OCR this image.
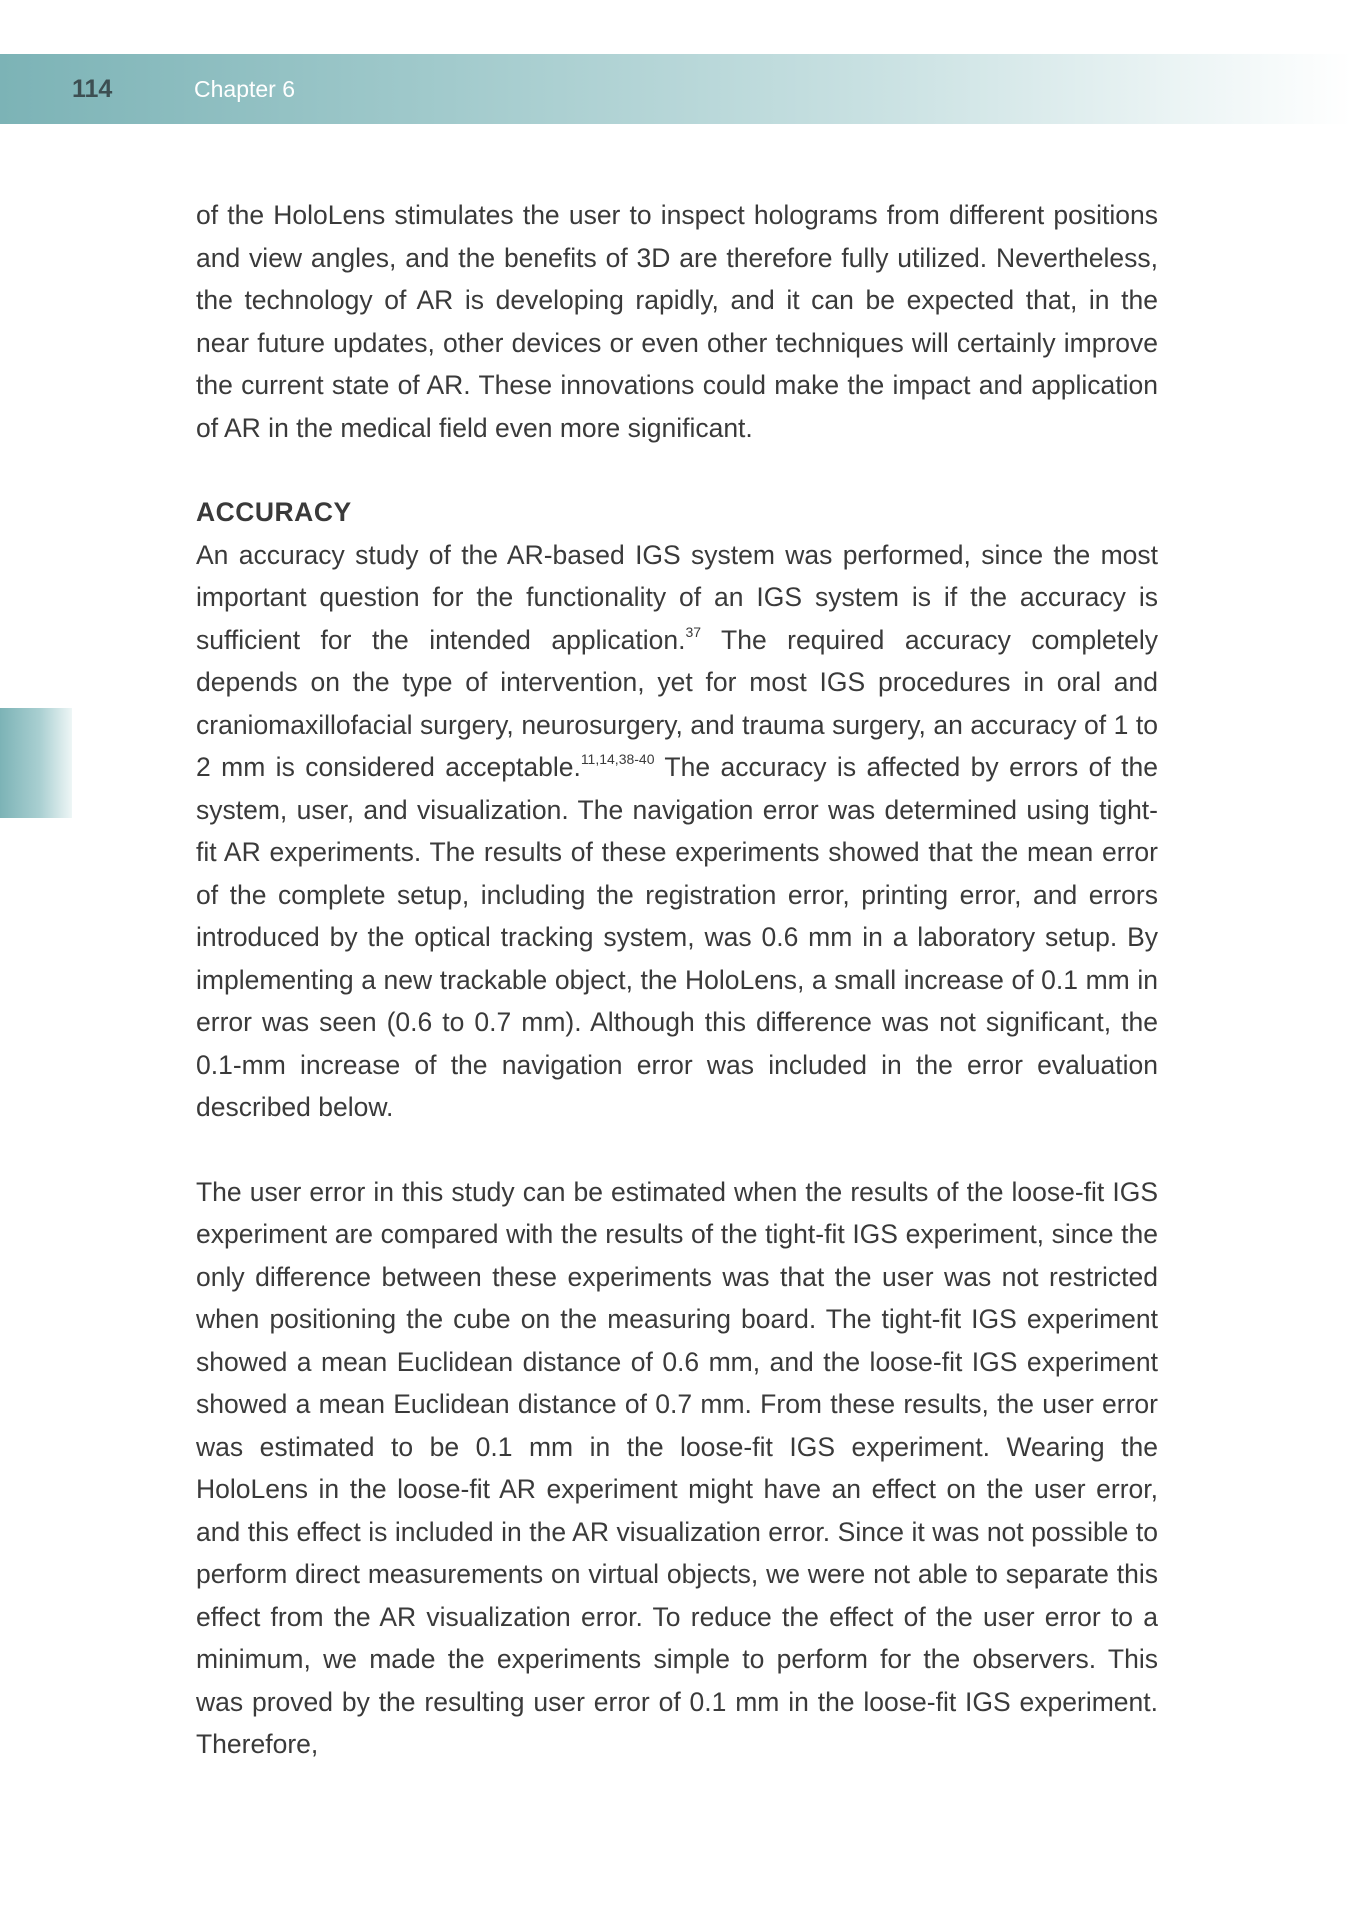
114	Chapter 6

of the HoloLens stimulates the user to inspect holograms from different positions and view angles, and the benefits of 3D are therefore fully utilized. Nevertheless, the technology of AR is developing rapidly, and it can be expected that, in the near future updates, other devices or even other techniques will certainly improve the current state of AR. These innovations could make the impact and application of AR in the medical field even more significant.

ACCURACY

An accuracy study of the AR-based IGS system was performed, since the most important question for the functionality of an IGS system is if the accuracy is sufficient for the intended application.$^{37}$ The required accuracy completely depends on the type of intervention, yet for most IGS procedures in oral and craniomaxillofacial surgery, neurosurgery, and trauma surgery, an accuracy of 1 to 2 mm is considered acceptable.$^{11,14,38-40}$ The accuracy is affected by errors of the system, user, and visualization. The navigation error was determined using tight-fit AR experiments. The results of these experiments showed that the mean error of the complete setup, including the registration error, printing error, and errors introduced by the optical tracking system, was 0.6 mm in a laboratory setup. By implementing a new trackable object, the HoloLens, a small increase of 0.1 mm in error was seen (0.6 to 0.7 mm). Although this difference was not significant, the 0.1-mm increase of the navigation error was included in the error evaluation described below.

The user error in this study can be estimated when the results of the loose-fit IGS experiment are compared with the results of the tight-fit IGS experiment, since the only difference between these experiments was that the user was not restricted when positioning the cube on the measuring board. The tight-fit IGS experiment showed a mean Euclidean distance of 0.6 mm, and the loose-fit IGS experiment showed a mean Euclidean distance of 0.7 mm. From these results, the user error was estimated to be 0.1 mm in the loose-fit IGS experiment. Wearing the HoloLens in the loose-fit AR experiment might have an effect on the user error, and this effect is included in the AR visualization error. Since it was not possible to perform direct measurements on virtual objects, we were not able to separate this effect from the AR visualization error. To reduce the effect of the user error to a minimum, we made the experiments simple to perform for the observers. This was proved by the resulting user error of 0.1 mm in the loose-fit IGS experiment. Therefore,
